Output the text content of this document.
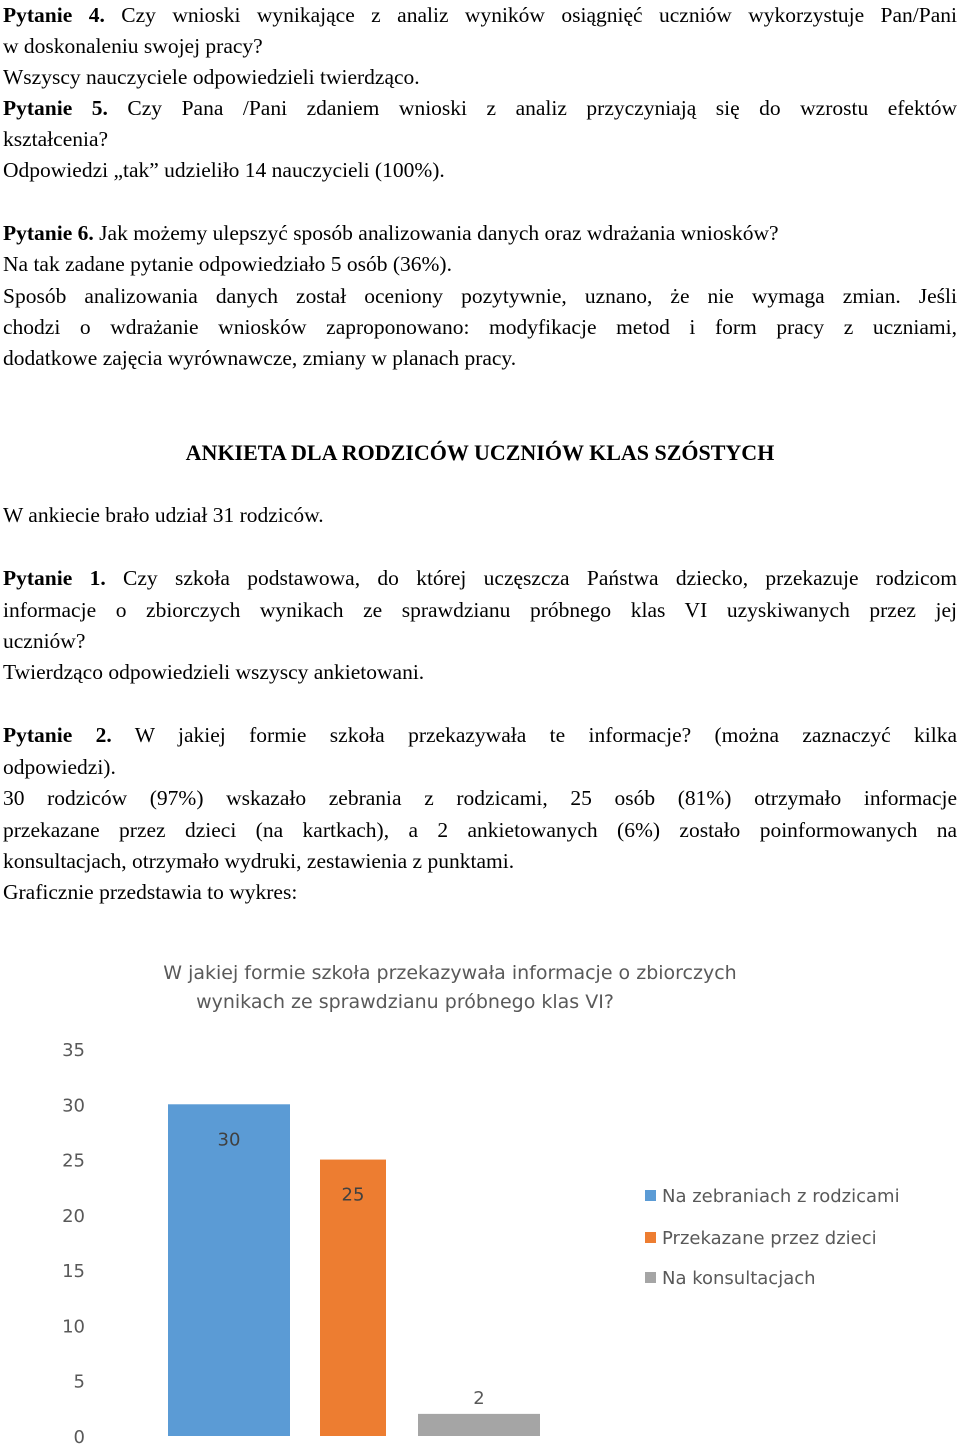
Pytanie 4. Czy wnioski wynikające z analiz wyników osiągnięć uczniów wykorzystuje Pan/Pani
w doskonaleniu swojej pracy?
Wszyscy nauczyciele odpowiedzieli twierdząco.
Pytanie 5. Czy Pana /Pani zdaniem wnioski z analiz przyczyniają się do wzrostu efektów
kształcenia?
Odpowiedzi „tak” udzieliło 14 nauczycieli (100%).
Pytanie 6. Jak możemy ulepszyć sposób analizowania danych oraz wdrażania wniosków?
Na tak zadane pytanie odpowiedziało 5 osób (36%).
Sposób analizowania danych został oceniony pozytywnie, uznano, że nie wymaga zmian. Jeśli
chodzi o wdrażanie wniosków zaproponowano: modyfikacje metod i form pracy z uczniami,
dodatkowe zajęcia wyrównawcze, zmiany w planach pracy.
ANKIETA DLA RODZICÓW UCZNIÓW KLAS SZÓSTYCH
W ankiecie brało udział 31 rodziców.
Pytanie 1. Czy szkoła podstawowa, do której uczęszcza Państwa dziecko, przekazuje rodzicom
informacje o zbiorczych wynikach ze sprawdzianu próbnego klas VI uzyskiwanych przez jej
uczniów?
Twierdząco odpowiedzieli wszyscy ankietowani.
Pytanie 2. W jakiej formie szkoła przekazywała te informacje? (można zaznaczyć kilka
odpowiedzi).
30 rodziców (97%) wskazało zebrania z rodzicami, 25 osób (81%) otrzymało informacje
przekazane przez dzieci (na kartkach), a 2 ankietowanych (6%) zostało poinformowanych na
konsultacjach, otrzymało wydruki, zestawienia z punktami.
Graficznie przedstawia to wykres:
W jakiej formie szkoła przekazywała informacje o zbiorczych
wynikach ze sprawdzianu próbnego klas VI?
0
5
10
15
20
25
30
35
30
25
2
Na zebraniach z rodzicami
Przekazane przez dzieci
Na konsultacjach
